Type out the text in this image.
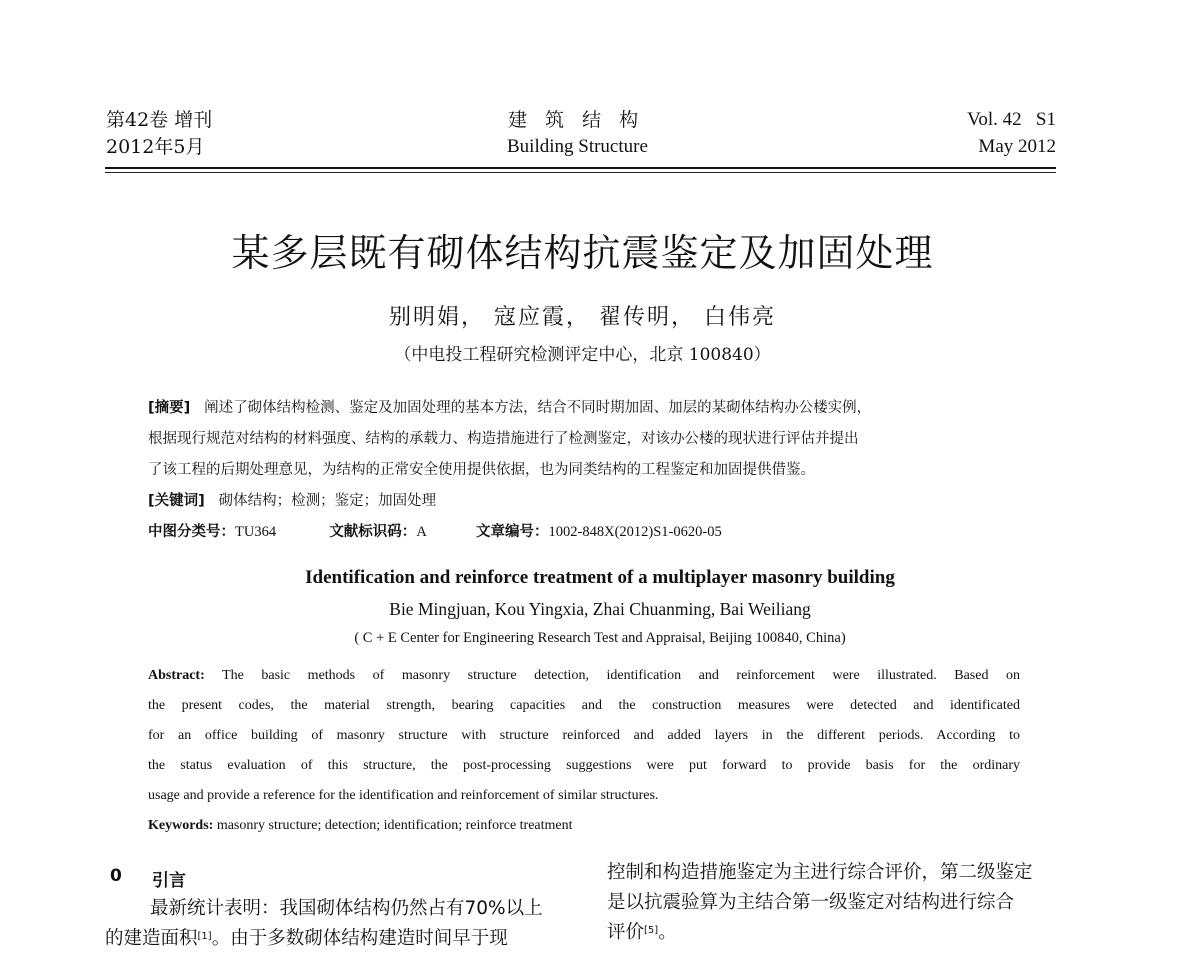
第42卷 增刊
2012年5月
建 筑 结 构
Building Structure
Vol. 42   S1
May 2012
某多层既有砌体结构抗震鉴定及加固处理
别明娟， 寇应霞， 翟传明， 白伟亮
（中电投工程研究检测评定中心，北京 100840）
[摘要] 阐述了砌体结构检测、鉴定及加固处理的基本方法，结合不同时期加固、加层的某砌体结构办公楼实例，
根据现行规范对结构的材料强度、结构的承载力、构造措施进行了检测鉴定，对该办公楼的现状进行评估并提出
了该工程的后期处理意见，为结构的正常安全使用提供依据，也为同类结构的工程鉴定和加固提供借鉴。
[关键词] 砌体结构；检测；鉴定；加固处理
中图分类号：TU364	文献标识码：A	文章编号：1002-848X(2012)S1-0620-05
Identification and reinforce treatment of a multiplayer masonry building
Bie Mingjuan, Kou Yingxia, Zhai Chuanming, Bai Weiliang
( C + E Center for Engineering Research Test and Appraisal, Beijing 100840, China)
Abstract: The basic methods of masonry structure detection, identification and reinforcement were illustrated. Based on
the present codes, the material strength, bearing capacities and the construction measures were detected and identificated
for an office building of masonry structure with structure reinforced and added layers in the different periods. According to
the status evaluation of this structure, the post-processing suggestions were put forward to provide basis for the ordinary
usage and provide a reference for the identification and reinforcement of similar structures.
Keywords: masonry structure; detection; identification; reinforce treatment
0 引言
最新统计表明：我国砌体结构仍然占有70%以上
的建造面积[1]。由于多数砌体结构建造时间早于现
控制和构造措施鉴定为主进行综合评价，第二级鉴定
是以抗震验算为主结合第一级鉴定对结构进行综合
评价[5]。
